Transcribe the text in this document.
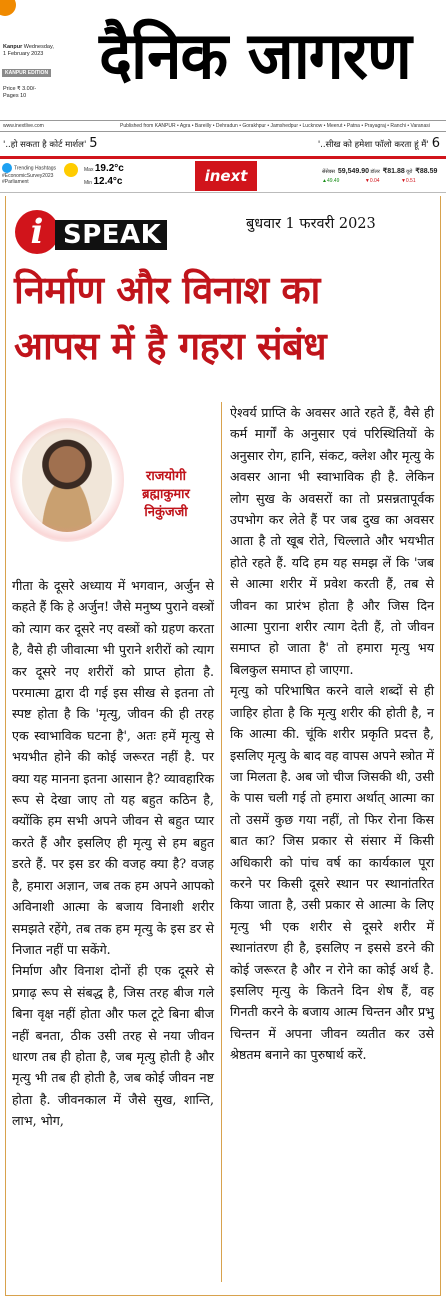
Kanpur Wednesday,
1 February 2023
KANPUR EDITION
Price ₹ 3.00/-
Pages 10
दैनिक जागरण
www.inextlive.com	Published from KANPUR • Agra • Bareilly • Dehradun • Gorakhpur • Jamshedpur • Lucknow • Meerut • Patna • Prayagraj • Ranchi • Varanasi
'..हो सकता है कोर्ट मार्शल' 5	'..सीख को हमेशा फॉलो करता हूं मैं' 6
Trending Hashtags
#EconomicSurvey2023
#Parliament
Max 19.2°c
Min 12.4°c	inext	सेंसेक्स 59,549.90 डॉलर ₹81.88 यूरो ₹88.59
▲49.49	▼0.04	▼0.51
i SPEAK	बुधवार 1 फरवरी 2023
निर्माण और विनाश का
आपस में है गहरा संबंध
राजयोगी
ब्रह्माकुमार
निकुंजजी

गीता के दूसरे अध्याय में भगवान, अर्जुन से कहते हैं कि हे अर्जुन! जैसे मनुष्य पुराने वस्त्रों को त्याग कर दूसरे नए वस्त्रों को ग्रहण करता है, वैसे ही जीवात्मा भी पुराने शरीरों को त्याग कर दूसरे नए शरीरों को प्राप्त होता है. परमात्मा द्वारा दी गई इस सीख से इतना तो स्पष्ट होता है कि 'मृत्यु, जीवन की ही तरह एक स्वाभाविक घटना है', अतः हमें मृत्यु से भयभीत होने की कोई जरूरत नहीं है. पर क्या यह मानना इतना आसान है? व्यावहारिक रूप से देखा जाए तो यह बहुत कठिन है, क्योंकि हम सभी अपने जीवन से बहुत प्यार करते हैं और इसलिए ही मृत्यु से हम बहुत डरते हैं. पर इस डर की वजह क्या है? वजह है, हमारा अज्ञान, जब तक हम अपने आपको अविनाशी आत्मा के बजाय विनाशी शरीर समझते रहेंगे, तब तक हम मृत्यु के इस डर से निजात नहीं पा सकेंगे.

निर्माण और विनाश दोनों ही एक दूसरे से प्रगाढ़ रूप से संबद्ध है, जिस तरह बीज गले बिना वृक्ष नहीं होता और फल टूटे बिना बीज नहीं बनता, ठीक उसी तरह से नया जीवन धारण तब ही होता है, जब मृत्यु होती है और मृत्यु भी तब ही होती है, जब कोई जीवन नष्ट होता है. जीवनकाल में जैसे सुख, शान्ति, लाभ, भोग,

ऐश्वर्य प्राप्ति के अवसर आते रहते हैं, वैसे ही कर्म मार्गों के अनुसार एवं परिस्थितियों के अनुसार रोग, हानि, संकट, क्लेश और मृत्यु के अवसर आना भी स्वाभाविक ही है. लेकिन लोग सुख के अवसरों का तो प्रसन्नतापूर्वक उपभोग कर लेते हैं पर जब दुख का अवसर आता है तो खूब रोते, चिल्लाते और भयभीत होते रहते हैं. यदि हम यह समझ लें कि 'जब से आत्मा शरीर में प्रवेश करती हैं, तब से जीवन का प्रारंभ होता है और जिस दिन आत्मा पुराना शरीर त्याग देती हैं, तो जीवन समाप्त हो जाता है' तो हमारा मृत्यु भय बिलकुल समाप्त हो जाएगा.

मृत्यु को परिभाषित करने वाले शब्दों से ही जाहिर होता है कि मृत्यु शरीर की होती है, न कि आत्मा की. चूंकि शरीर प्रकृति प्रदत्त है, इसलिए मृत्यु के बाद वह वापस अपने स्त्रोत में जा मिलता है. अब जो चीज जिसकी थी, उसी के पास चली गई तो हमारा अर्थात् आत्मा का तो उसमें कुछ गया नहीं, तो फिर रोना किस बात का? जिस प्रकार से संसार में किसी अधिकारी को पांच वर्ष का कार्यकाल पूरा करने पर किसी दूसरे स्थान पर स्थानांतरित किया जाता है, उसी प्रकार से आत्मा के लिए मृत्यु भी एक शरीर से दूसरे शरीर में स्थानांतरण ही है, इसलिए न इससे डरने की कोई जरूरत है और न रोने का कोई अर्थ है. इसलिए मृत्यु के कितने दिन शेष हैं, वह गिनती करने के बजाय आत्म चिन्तन और प्रभु चिन्तन में अपना जीवन व्यतीत कर उसे श्रेष्ठतम बनाने का पुरुषार्थ करें.
